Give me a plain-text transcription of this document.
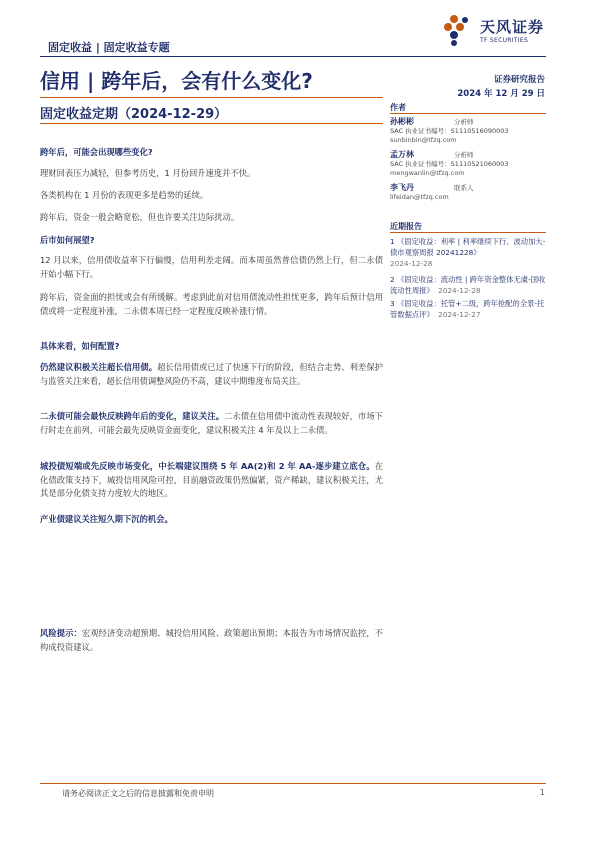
固定收益 | 固定收益专题
天风证券
TF SECURITIES
信用 | 跨年后，会有什么变化?
固定收益定期（2024-12-29）
证券研究报告
2024 年 12 月 29 日
作者
孙彬彬	分析师
SAC 执业证书编号：S1110516090003
sunbinbin@tfzq.com
孟万林	分析师
SAC 执业证书编号：S1110521060003
mengwanlin@tfzq.com
李飞丹	联系人
lifeidan@tfzq.com
近期报告
1 《固定收益：利率 | 利率继续下行、波动加大-债市观察周报 20241228》
2024-12-28
2 《固定收益：流动性 | 跨年资金整体无虞-国收流动性周报》 2024-12-28
3 《固定收益：托管+二级，跨年抢配的全景-托管数据点评》 2024-12-27
跨年后，可能会出现哪些变化?
理财回表压力减轻，但参考历史，1 月份回升速度并不快。
各类机构在 1 月份的表现更多是趋势的延续。
跨年后，资金一般会略宽松，但也许要关注边际扰动。
后市如何展望?
12 月以来，信用债收益率下行偏慢，信用利差走阔。而本周虽然普信债仍然上行，但二永债开始小幅下行。
跨年后，资金面的担忧或会有所缓解。考虑到此前对信用债流动性担忧更多，跨年后预计信用债或将一定程度补涨，二永债本周已经一定程度反映补涨行情。
具体来看，如何配置?
仍然建议积极关注超长信用债。超长信用债或已过了快速下行的阶段，但结合走势、利差保护与监管关注来看，超长信用债调整风险仍不高，建议中期维度布局关注。
二永债可能会最快反映跨年后的变化，建议关注。二永债在信用债中流动性表现较好，市场下行时走在前列，可能会最先反映资金面变化，建议积极关注 4 年及以上二永债。
城投债短端或先反映市场变化，中长端建议围绕 5 年 AA(2)和 2 年 AA-逐步建立底仓。在化债政策支持下，城投信用风险可控，目前融资政策仍然偏紧，资产稀缺，建议积极关注，尤其是部分化债支持力度较大的地区。
产业债建议关注短久期下沉的机会。
风险提示：宏观经济变动超预期、城投信用风险、政策超出预期；本报告为市场情况监控，不构成投资建议。
请务必阅读正文之后的信息披露和免责申明	1
